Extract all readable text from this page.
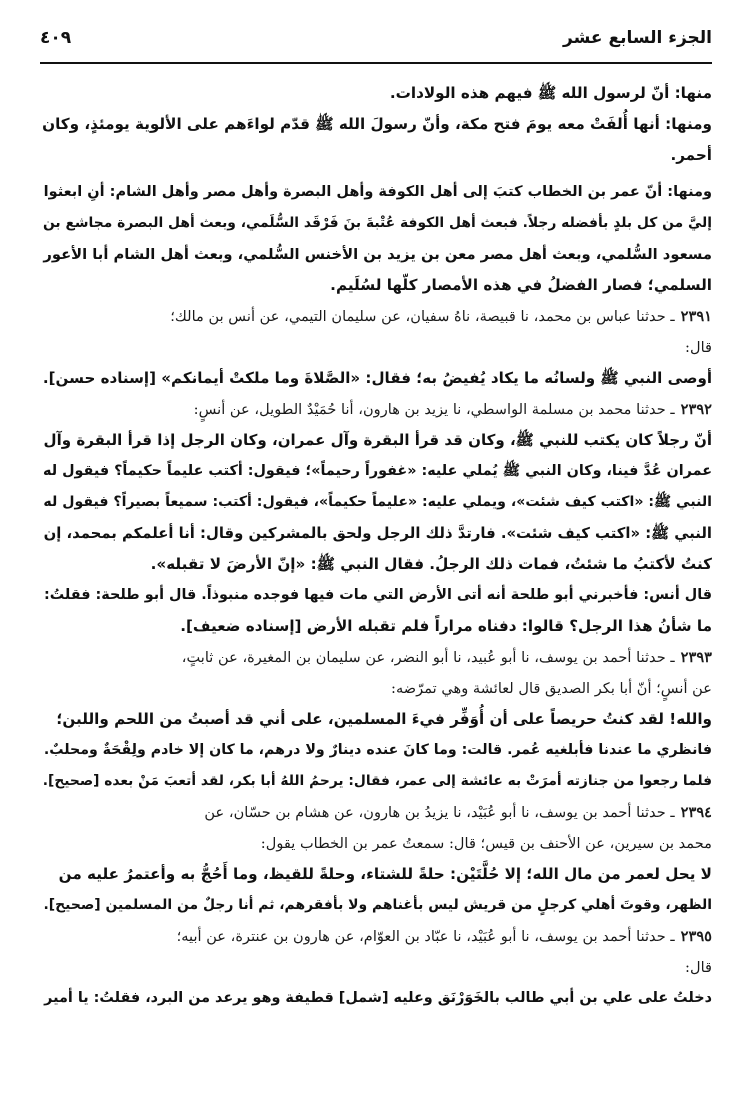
الجزء السابع عشر
٤٠٩
منها: أنّ لرسول الله ﷺ فيهم هذه الولادات.
ومنها: أنها أُلفَتْ معه يومَ فتح مكة، وأنّ رسولَ الله ﷺ قدّم لواءَهم على الألوية يومئذٍ، وكان
أحمر.
ومنها: أنّ عمر بن الخطاب كتبَ إلى أهل الكوفة وأهل البصرة وأهل مصر وأهل الشام: أنِ ابعثوا
إليَّ من كل بلدٍ بأفضله رجلاً. فبعث أهل الكوفة عُتْبةَ بنَ فَرْقَد السُّلَمي، وبعث أهل البصرة مجاشع بن
مسعود السُّلمي، وبعث أهل مصر معن بن يزيد بن الأخنس السُّلمي، وبعث أهل الشام أبا الأعور
السلمي؛ فصار الفضلُ في هذه الأمصار كلّها لسُلَيم.
٢٣٩١ـ حدثنا عباس بن محمد، نا قبيصة، ناهُ سفيان، عن سليمان التيمي، عن أنس بن مالك؛
قال:
أوصى النبي ﷺ ولسانُه ما يكاد يُفيضُ به؛ فقال: «الصَّلاةَ وما ملكتْ أيمانكم» [إسناده حسن].
٢٣٩٢ـ حدثنا محمد بن مسلمة الواسطي، نا يزيد بن هارون، أنا حُمَيْدٌ الطويل، عن أنسٍ:
أنّ رجلاً كان يكتب للنبي ﷺ، وكان قد قرأ البقرة وآل عمران، وكان الرجل إذا قرأ البقرة وآل
عمران عُدَّ فينا، وكان النبي ﷺ يُملي عليه: «غفوراً رحيماً»؛ فيقول: أكتب عليماً حكيماً؟ فيقول له
النبي ﷺ: «اكتب كيف شئت»، ويملي عليه: «عليماً حكيماً»، فيقول: أكتب: سميعاً بصيراً؟ فيقول له
النبي ﷺ: «اكتب كيف شئت». فارتدَّ ذلك الرجل ولحق بالمشركين وقال: أنا أعلمكم بمحمد، إن
كنتُ لأكتبُ ما شئتُ، فمات ذلك الرجلُ. فقال النبي ﷺ: «إنّ الأرضَ لا تقبله».
قال أنس: فأخبرني أبو طلحة أنه أتى الأرض التي مات فيها فوجده منبوذاً. قال أبو طلحة: فقلتُ:
ما شأنُ هذا الرجل؟ قالوا: دفناه مراراً فلم تقبله الأرض [إسناده ضعيف].
٢٣٩٣ـ حدثنا أحمد بن يوسف، نا أبو عُبيد، نا أبو النضر، عن سليمان بن المغيرة، عن ثابتٍ،
عن أنسٍ؛ أنّ أبا بكر الصديق قال لعائشة وهي تمرّضه:
والله! لقد كنتُ حريصاً على أن أُوَفِّر فيءَ المسلمين، على أني قد أصبتُ من اللحم واللبن؛
فانظري ما عندنا فأبلغيه عُمر. قالت: وما كانَ عنده دينارٌ ولا درهم، ما كان إلا خادم ولِقْحَةٌ ومحلبٌ.
فلما رجعوا من جنازته أمرَتْ به عائشة إلى عمر، فقال: يرحمُ اللهُ أبا بكر، لقد أتعبَ مَنْ بعده [صحيح].
٢٣٩٤ـ حدثنا أحمد بن يوسف، نا أبو عُبَيْد، نا يزيدُ بن هارون، عن هشام بن حسّان، عن
محمد بن سيرين، عن الأحنف بن قيس؛ قال: سمعتُ عمر بن الخطاب يقول:
لا يحل لعمر من مال الله؛ إلا حُلَّتَيْن: حلةً للشتاء، وحلةً للقيظ، وما أَحُجُّ به وأعتمرُ عليه من
الظهر، وقوتَ أهلي كرجلٍ من قريش ليس بأغناهم ولا بأفقرهم، ثم أنا رجلٌ من المسلمين [صحيح].
٢٣٩٥ـ حدثنا أحمد بن يوسف، نا أبو عُبَيْد، نا عبّاد بن العوّام، عن هارون بن عنترة، عن أبيه؛
قال:
دخلتُ على علي بن أبي طالب بالخَوَرْنَق وعليه [شمل] قطيفة وهو يرعد من البرد، فقلتُ: يا أمير
